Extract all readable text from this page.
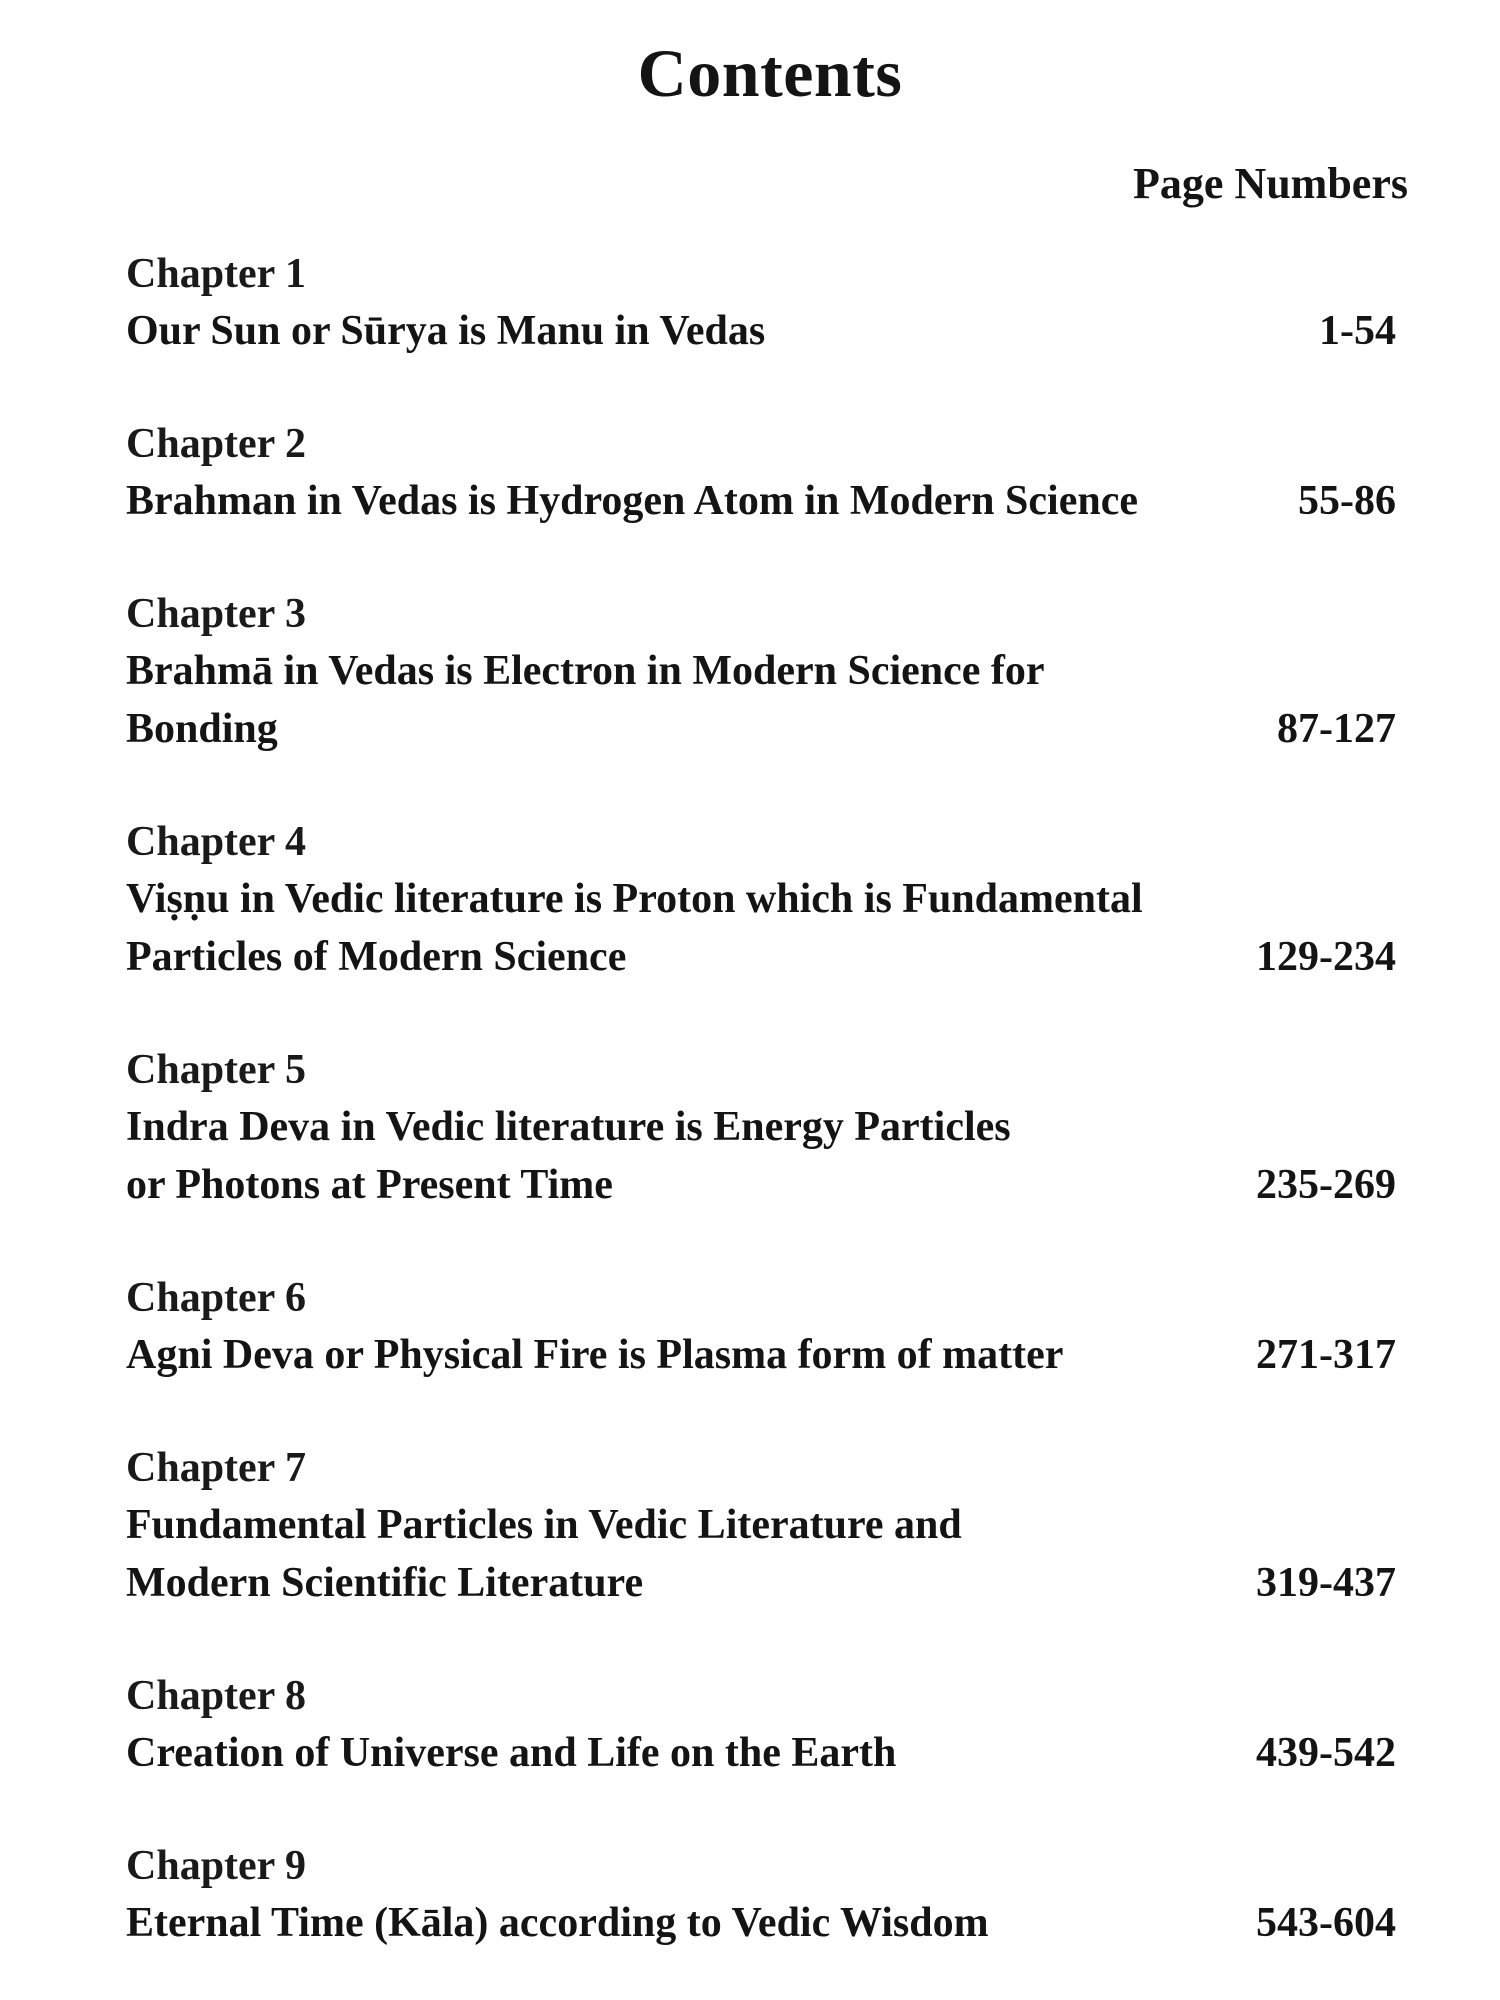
Contents
Page Numbers
Chapter 1
Our Sun or Sūrya is Manu in Vedas	1-54
Chapter 2
Brahman in Vedas is Hydrogen Atom in Modern Science	55-86
Chapter 3
Brahmā in Vedas is Electron in Modern Science for
Bonding	87-127
Chapter 4
Viṣṇu in Vedic literature is Proton which is Fundamental
Particles of Modern Science	129-234
Chapter 5
Indra Deva in Vedic literature is Energy Particles
or Photons at Present Time	235-269
Chapter 6
Agni Deva or Physical Fire is Plasma form of matter	271-317
Chapter 7
Fundamental Particles in Vedic Literature and
Modern Scientific Literature	319-437
Chapter 8
Creation of Universe and Life on the Earth	439-542
Chapter 9
Eternal Time (Kāla) according to Vedic Wisdom	543-604
